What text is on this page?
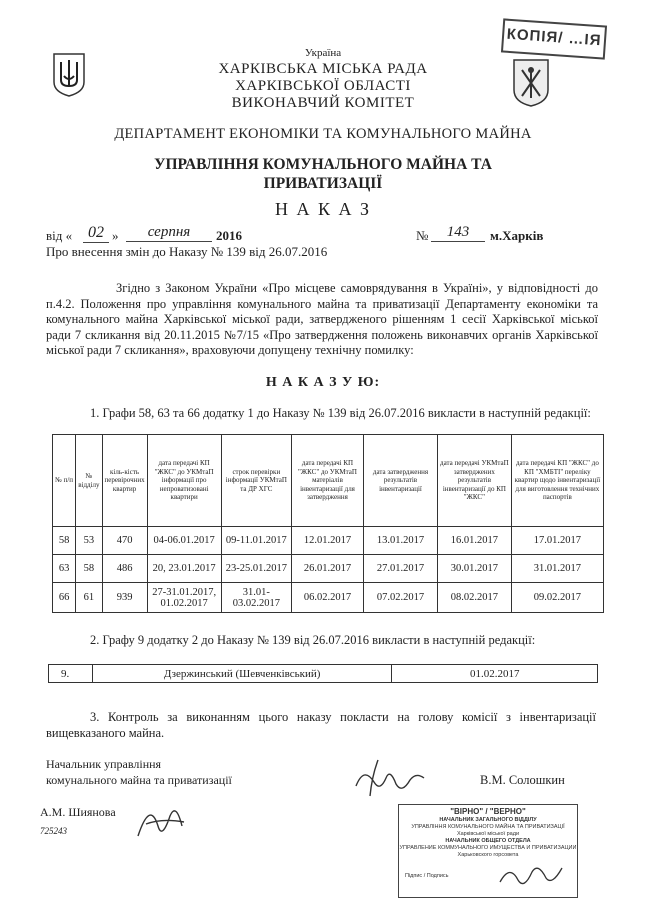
КОПІЯ/ …ІЯ
Україна
ХАРКІВСЬКА МІСЬКА РАДА
ХАРКІВСЬКОЇ ОБЛАСТІ
ВИКОНАВЧИЙ КОМІТЕТ
ДЕПАРТАМЕНТ ЕКОНОМІКИ ТА КОМУНАЛЬНОГО МАЙНА
УПРАВЛІННЯ КОМУНАЛЬНОГО МАЙНА ТА
ПРИВАТИЗАЦІЇ
Н А К А З
від « 02 »	серпня	2016	№	143	м.Харків
Про внесення змін до Наказу № 139 від 26.07.2016
Згідно з Законом України «Про місцеве самоврядування в Україні», у відповідності до п.4.2. Положення про управління комунального майна та приватизації Департаменту економіки та комунального майна Харківської міської ради, затвердженого рішенням 1 сесії Харківської міської ради 7 скликання від 20.11.2015 №7/15 «Про затвердження положень виконавчих органів Харківської міської ради 7 скликання», враховуючи допущену технічну помилку:
Н А К А З У Ю:
1. Графи 58, 63 та 66 додатку 1 до Наказу № 139 від 26.07.2016 викласти в наступній редакції:
№ п/п	№ відділу	кіль-кість перевірочних квартир	дата передачі КП "ЖКС" до УКМтаП інформації про непроватизовані квартири	строк перевірки інформації УКМтаП та ДР ХГС	дата передачі КП "ЖКС" до УКМтаП матеріалів інвентаризації для затвердження	дата затвердження результатів інвентаризації	дата передачі УКМтаП затверджених результатів інвентаризації до КП "ЖКС"	дата передачі КП "ЖКС" до КП "ХМБТІ" переліку квартир щодо інвентаризації для виготовлення технічних паспортів
58	53	470	04-06.01.2017	09-11.01.2017	12.01.2017	13.01.2017	16.01.2017	17.01.2017
63	58	486	20, 23.01.2017	23-25.01.2017	26.01.2017	27.01.2017	30.01.2017	31.01.2017
66	61	939	27-31.01.2017, 01.02.2017	31.01-03.02.2017	06.02.2017	07.02.2017	08.02.2017	09.02.2017
2. Графу 9 додатку 2 до Наказу № 139 від 26.07.2016 викласти в наступній редакції:
9.	Дзержинський (Шевченківський)	01.02.2017
3. Контроль за виконанням цього наказу покласти на голову комісії з інвентаризації вищевказаного майна.
Начальник управління
комунального майна та приватизації	В.М. Солошкин
А.М. Шиянова
725243
"ВІРНО" / "ВЕРНО"
НАЧАЛЬНИК ЗАГАЛЬНОГО ВІДДІЛУ
УПРАВЛІННЯ КОМУНАЛЬНОГО МАЙНА ТА ПРИВАТИЗАЦІЇ
Харківської міської ради
НАЧАЛЬНИК ОБЩЕГО ОТДЕЛА
УПРАВЛЕНИЕ КОММУНАЛЬНОГО ИМУЩЕСТВА И ПРИВАТИЗАЦИИ
Харьковского горсовета
Підпис / Подпись
